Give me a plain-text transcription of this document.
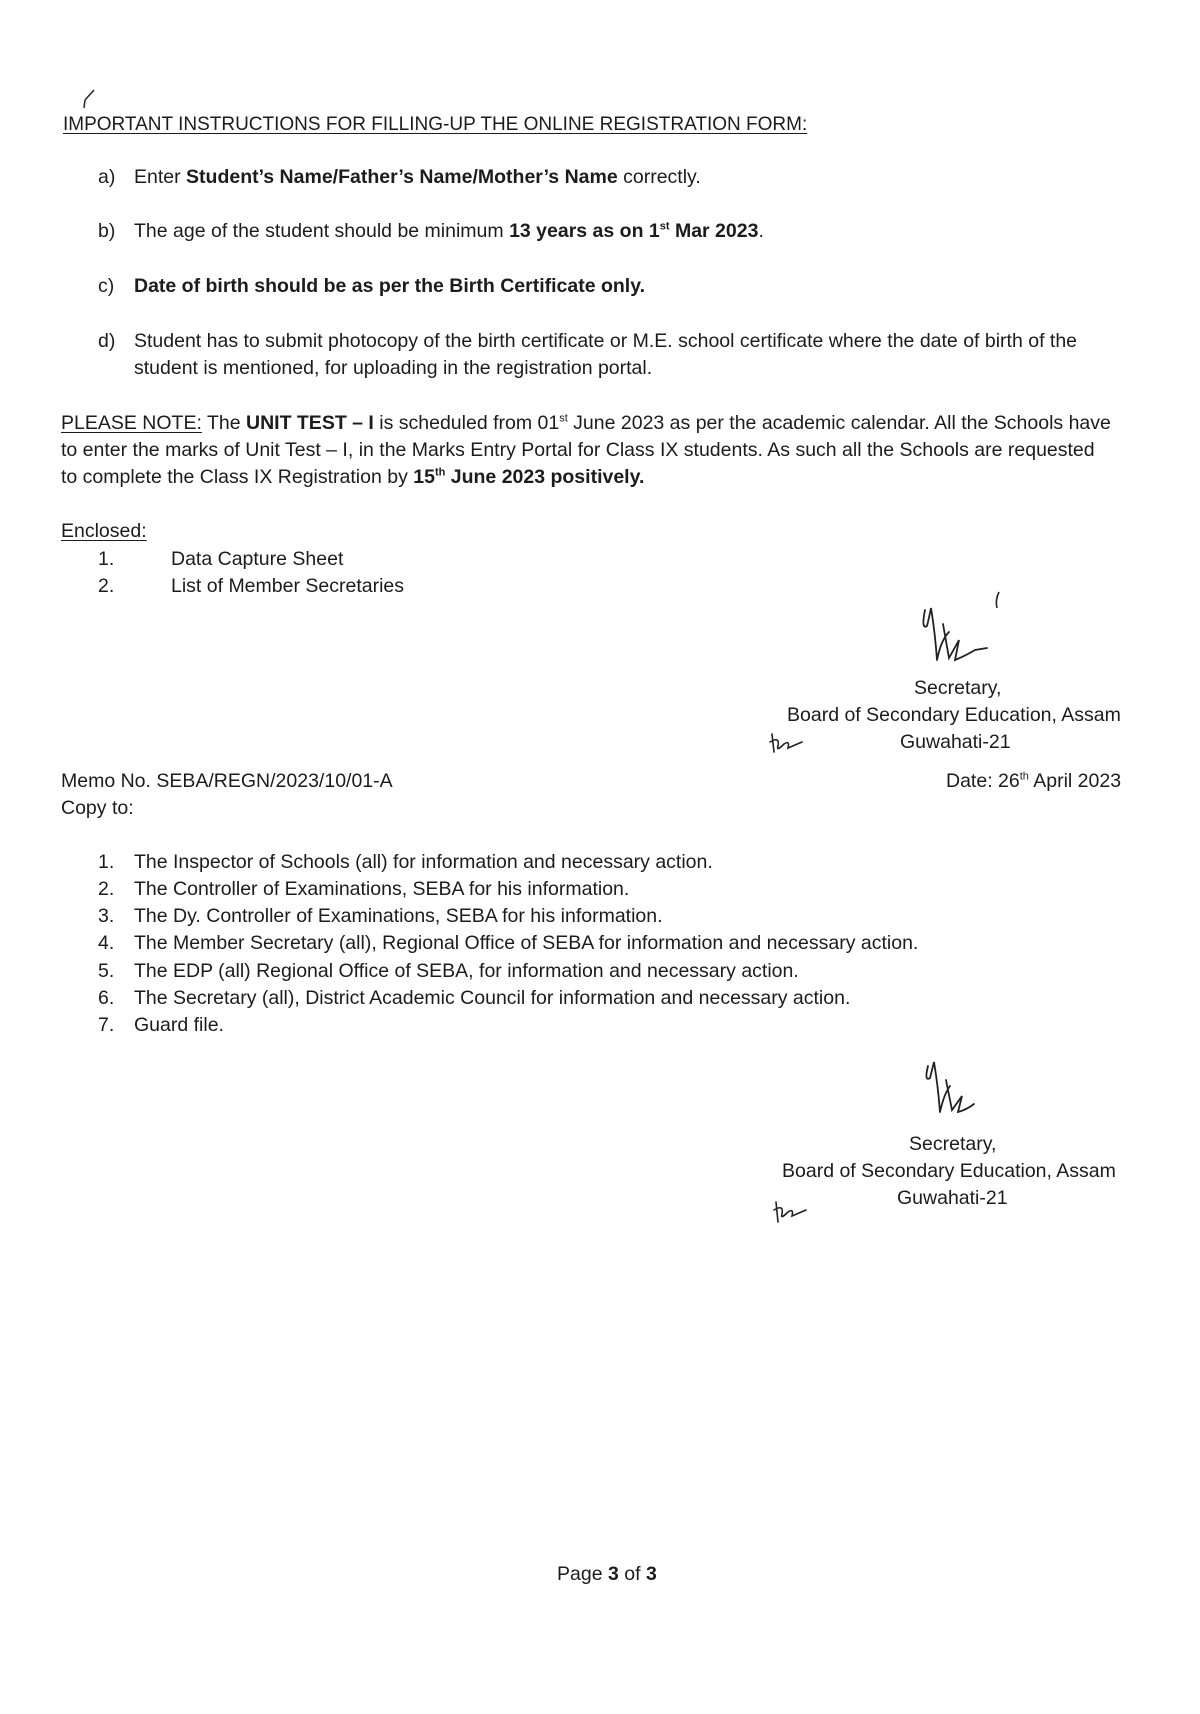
IMPORTANT INSTRUCTIONS FOR FILLING-UP THE ONLINE REGISTRATION FORM:
a) Enter Student’s Name/Father’s Name/Mother’s Name correctly.
b) The age of the student should be minimum 13 years as on 1st Mar 2023.
c) Date of birth should be as per the Birth Certificate only.
d) Student has to submit photocopy of the birth certificate or M.E. school certificate where the date of birth of the
student is mentioned, for uploading in the registration portal.
PLEASE NOTE: The UNIT TEST – I is scheduled from 01st June 2023 as per the academic calendar. All the Schools have
to enter the marks of Unit Test – I, in the Marks Entry Portal for Class IX students. As such all the Schools are requested
to complete the Class IX Registration by 15th June 2023 positively.
Enclosed:
1.	Data Capture Sheet
2.	List of Member Secretaries
Secretary,
Board of Secondary Education, Assam
Guwahati-21
Memo No. SEBA/REGN/2023/10/01-A	Date: 26th April 2023
Copy to:
1. The Inspector of Schools (all) for information and necessary action.
2. The Controller of Examinations, SEBA for his information.
3. The Dy. Controller of Examinations, SEBA for his information.
4. The Member Secretary (all), Regional Office of SEBA for information and necessary action.
5. The EDP (all) Regional Office of SEBA, for information and necessary action.
6. The Secretary (all), District Academic Council for information and necessary action.
7. Guard file.
Secretary,
Board of Secondary Education, Assam
Guwahati-21
Page 3 of 3
